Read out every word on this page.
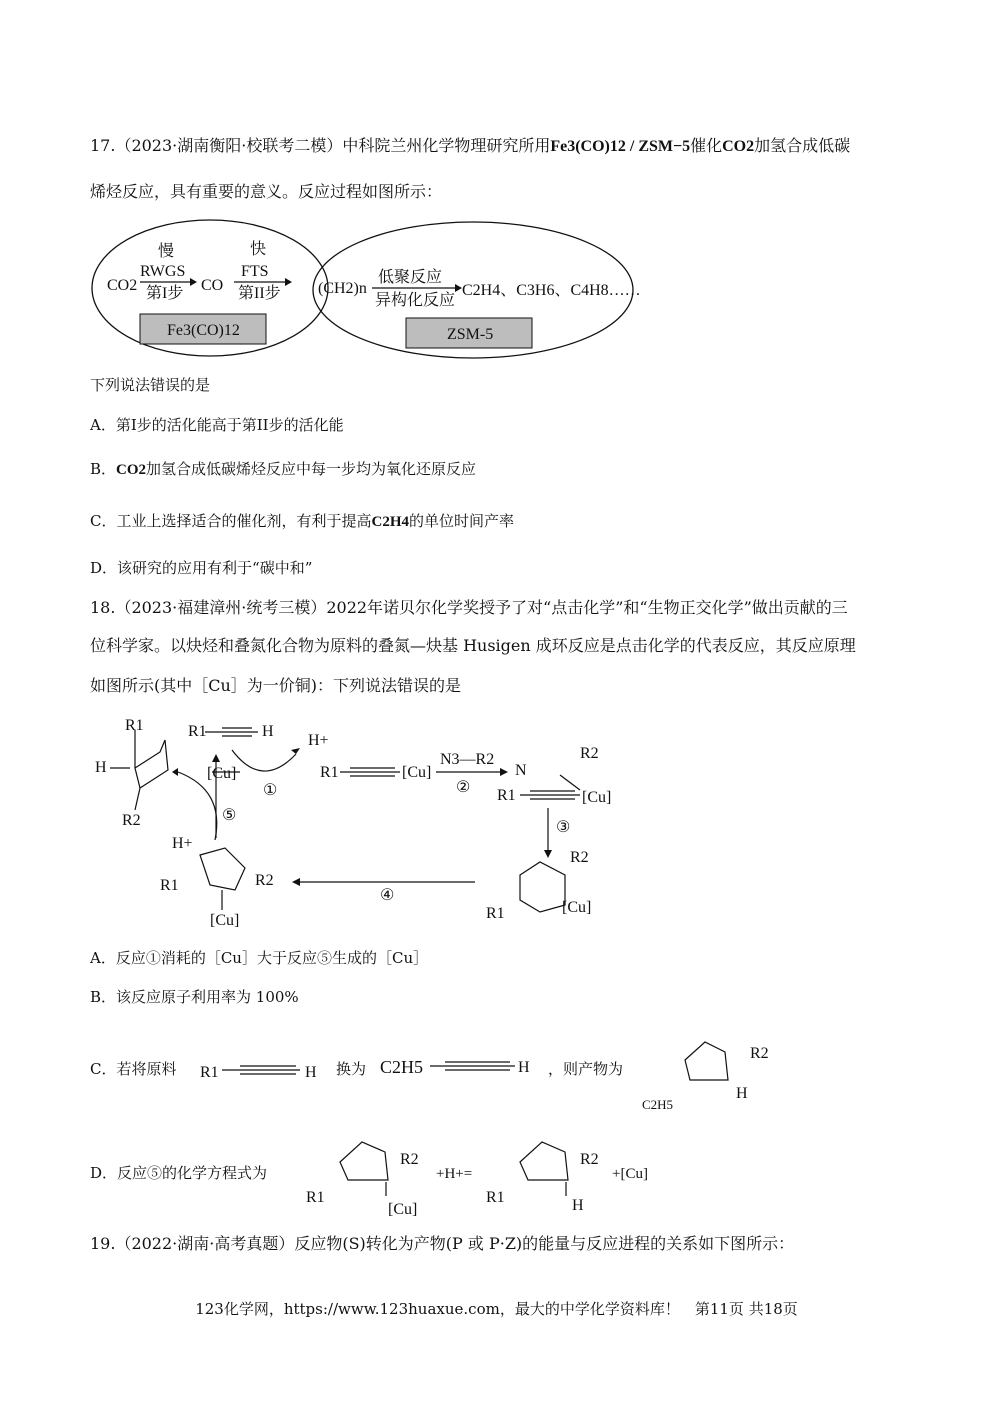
17.（2023·湖南衡阳·校联考二模）中科院兰州化学物理研究所用Fe3(CO)12 / ZSM−5催化CO2加氢合成低碳
烯烃反应，具有重要的意义。反应过程如图所示：
慢	快
CO2
RWGS
第I步 CO
FTS
第II步
Fe3(CO)12
(CH2)n
低聚反应
异构化反应
C2H4、C3H6、C4H8……
ZSM-5
R1
H
R2
R1	H
[Cu]
H+
①
R1	[Cu]
N3—R2
②
N
R2
R1	[Cu]
③
R2
R1	[Cu]
④
⑤
H+
R1	R2
[Cu]
R1	H	H
R2
H
R2
R1
[Cu]
R2
R1	H
下列说法错误的是
A．第I步的活化能高于第II步的活化能
B．CO2加氢合成低碳烯烃反应中每一步均为氧化还原反应
C．工业上选择适合的催化剂，有利于提高C2H4的单位时间产率
D．该研究的应用有利于“碳中和”
18.（2023·福建漳州·统考三模）2022年诺贝尔化学奖授予了对“点击化学”和“生物正交化学”做出贡献的三
位科学家。以炔烃和叠氮化合物为原料的叠氮—炔基 Husigen 成环反应是点击化学的代表反应，其反应原理
如图所示(其中［Cu］为一价铜)：下列说法错误的是
A．反应①消耗的［Cu］大于反应⑤生成的［Cu］
B．该反应原子利用率为 100%
C．若将原料	换为 C2H5	，则产物为
C2H5
D．反应⑤的化学方程式为	+H+=	+[Cu]
19.（2022·湖南·高考真题）反应物(S)转化为产物(P 或 P·Z)的能量与反应进程的关系如下图所示：
123化学网，https://www.123huaxue.com，最大的中学化学资料库！　第11页 共18页
